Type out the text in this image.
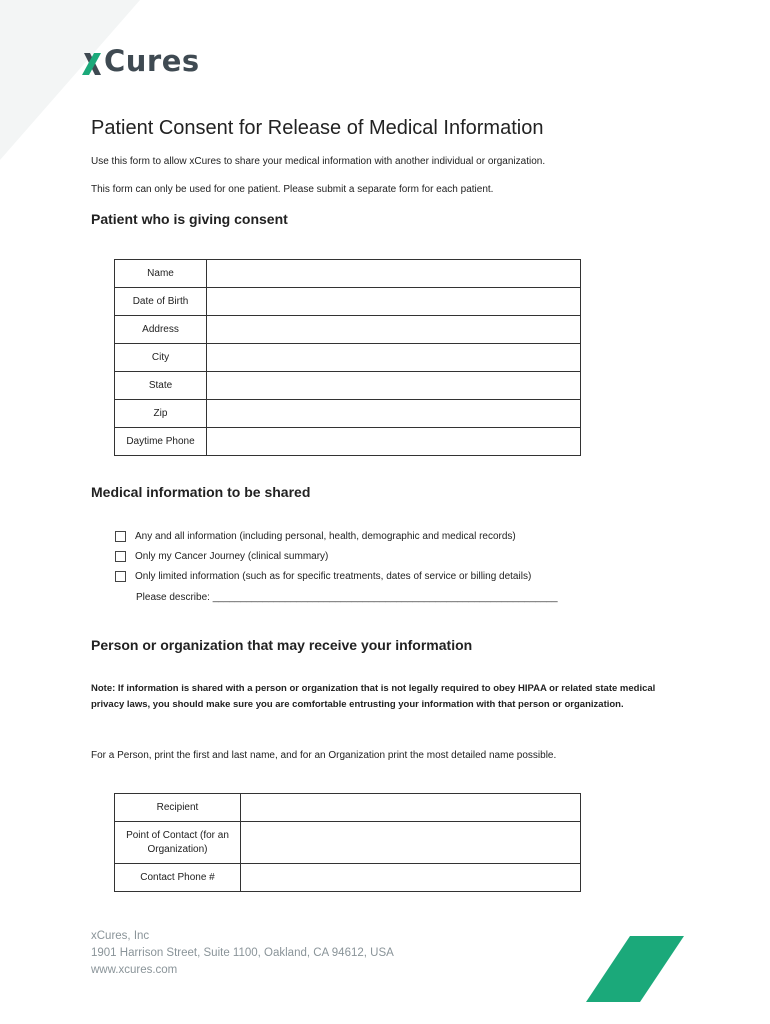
Cures
Patient Consent for Release of Medical Information
Use this form to allow xCures to share your medical information with another individual or organization.
This form can only be used for one patient. Please submit a separate form for each patient.
Patient who is giving consent
Name	
Date of Birth	
Address	
City	
State	
Zip	
Daytime Phone	
Medical information to be shared
Any and all information (including personal, health, demographic and medical records)
Only my Cancer Journey (clinical summary)
Only limited information (such as for specific treatments, dates of service or billing details)
Please describe: ______________________________________________________________
Person or organization that may receive your information
Note: If information is shared with a person or organization that is not legally required to obey HIPAA or related state medical privacy laws, you should make sure you are comfortable entrusting your information with that person or organization.
For a Person, print the first and last name, and for an Organization print the most detailed name possible.
Recipient	
Point of Contact (for an Organization)	
Contact Phone #	
xCures, Inc
1901 Harrison Street, Suite 1100, Oakland, CA 94612, USA
www.xcures.com
